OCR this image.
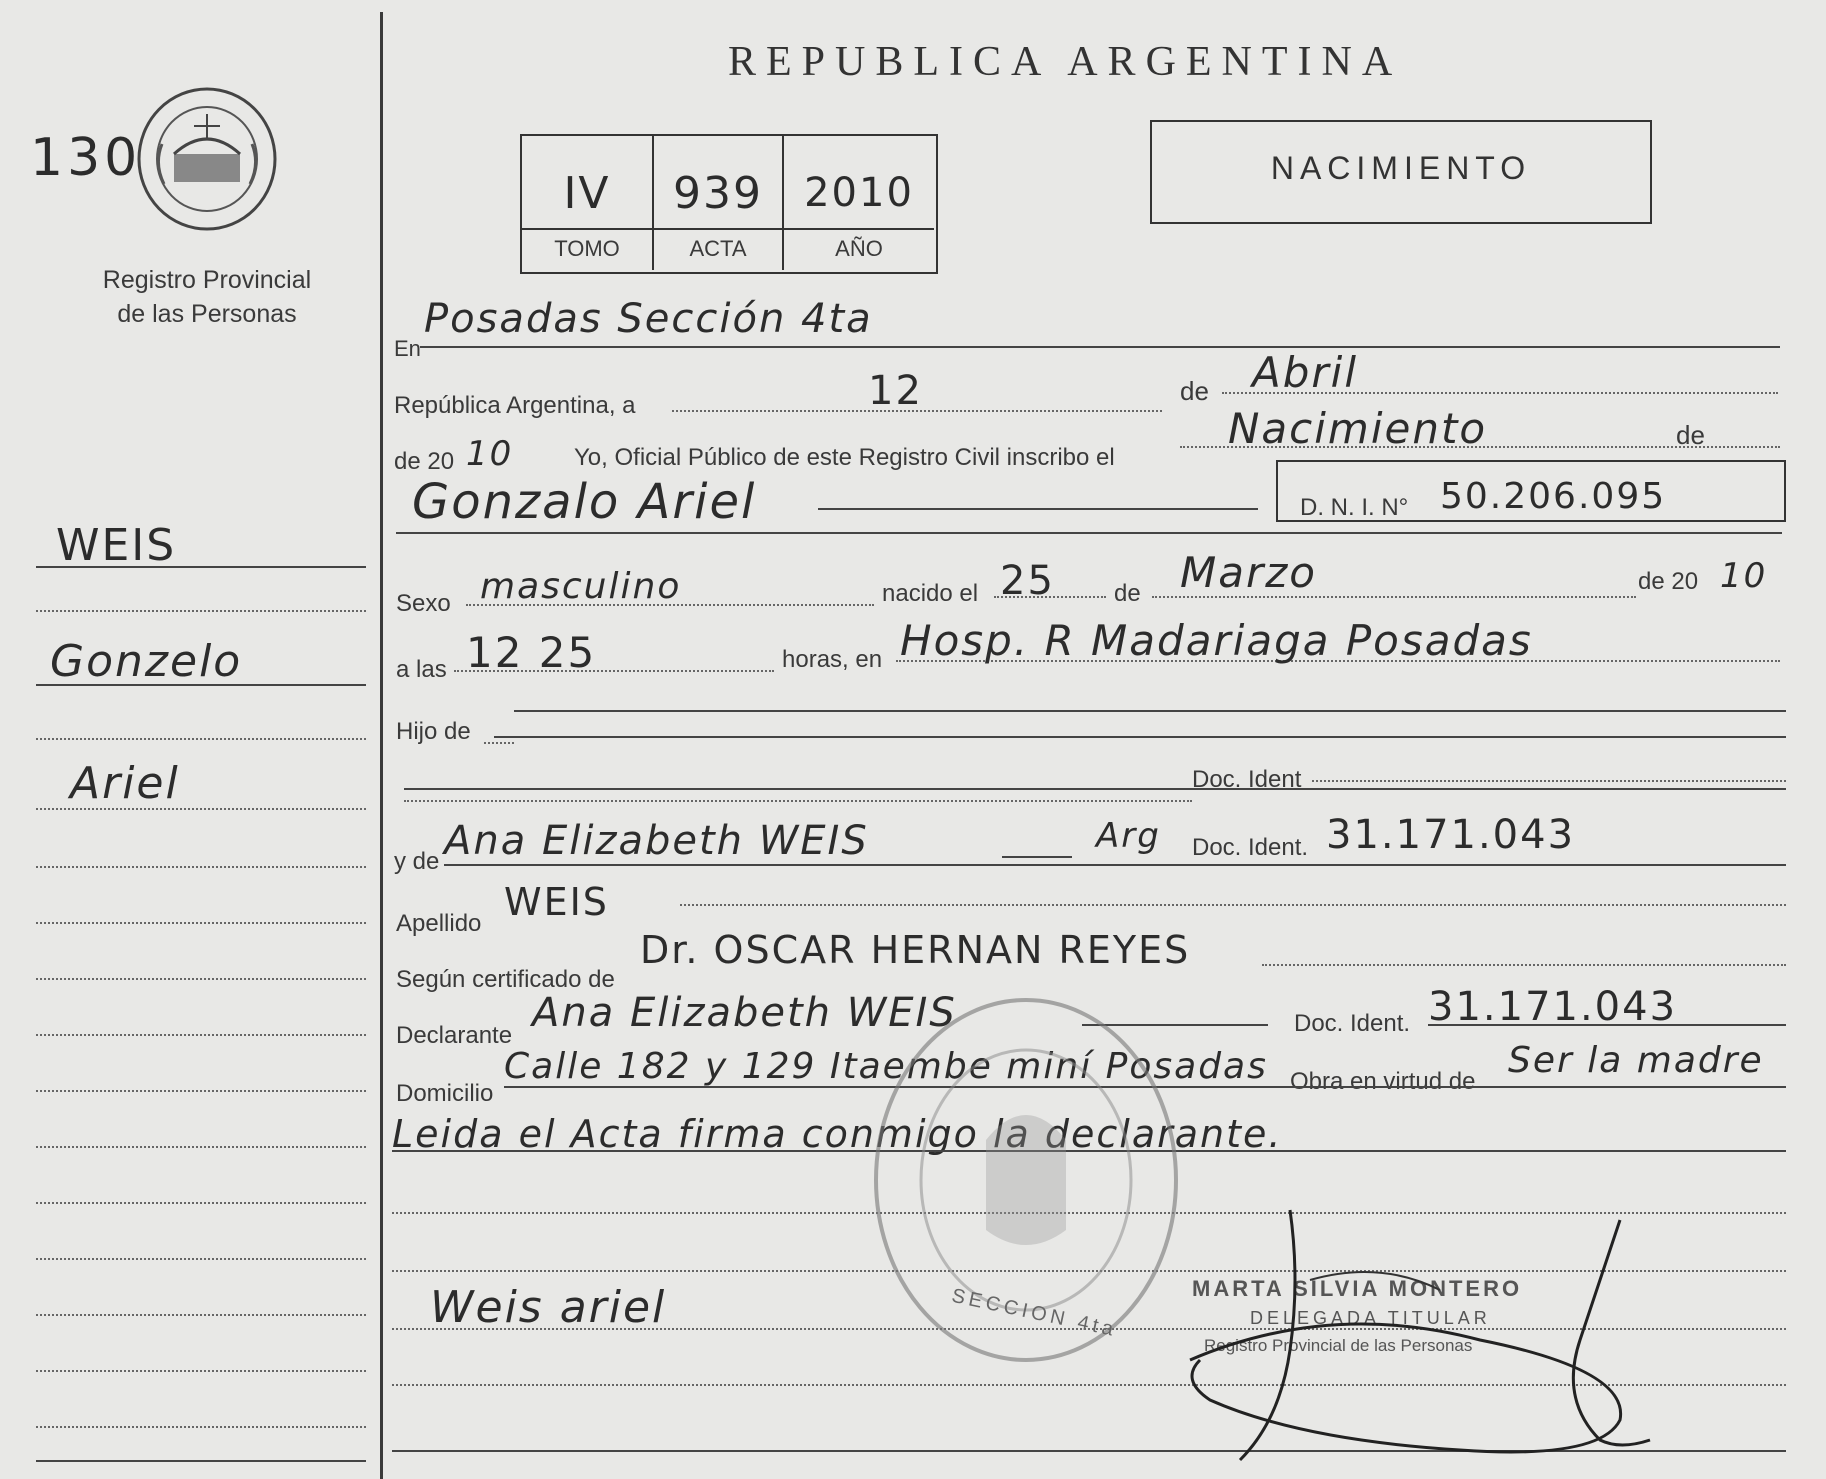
130
Registro Provincial
de las Personas
REPUBLICA ARGENTINA
IV	939	2010
TOMO	ACTA	AÑO
NACIMIENTO
WEIS
Gonzelo
Ariel
En
Posadas Sección 4ta
República Argentina, a	12	de Abril
de 20 10	Yo, Oficial Público de este Registro Civil inscribo el
Nacimiento	de
Gonzalo Ariel	D. N. I. N° 50.206.095
Sexo masculino	nacido el 25 de Marzo	de 20 10
a las 12 25	horas, en Hosp. R Madariaga Posadas
Hijo de
Doc. Ident
y de Ana Elizabeth WEIS	Arg Doc. Ident. 31.171.043
Apellido WEIS
Según certificado de
Dr. OSCAR HERNAN REYES
Declarante Ana Elizabeth WEIS	Doc. Ident. 31.171.043
Domicilio
Calle 182 y 129 Itaembe miní Posadas Obra en virtud de
Ser la madre
Leida el Acta firma conmigo la declarante.
Weis ariel	SECCION 4ta	MARTA SILVIA MONTERO
DELEGADA TITULAR
Registro Provincial de las Personas
